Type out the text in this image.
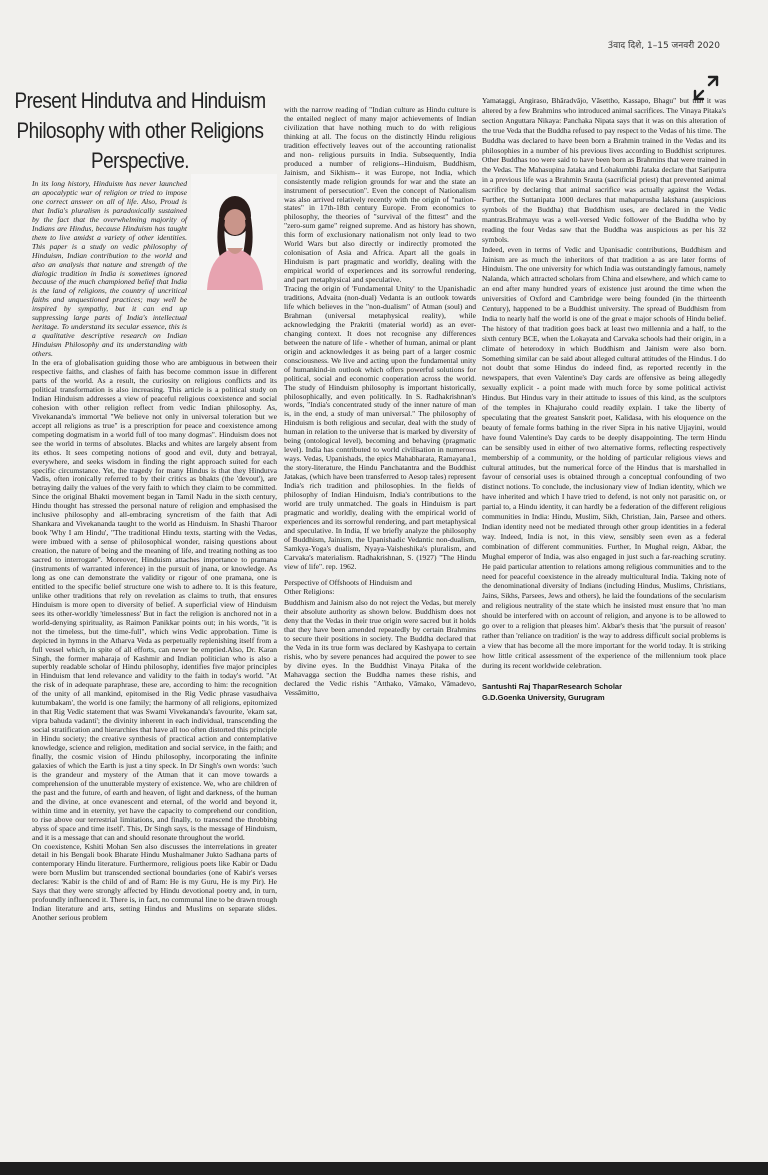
3ंवाद दिशे, 1–15 जनवरी 2020
Present Hindutva and Hinduism
Philosophy with other Religions Perspective.

In its long history, Hinduism has never launched an apocalyptic war of religion or tried to impose one correct answer on all of life. Also, Proud is that India's pluralism is paradoxically sustained by the fact that the overwhelming majority of Indians are Hindus, because Hinduism has taught them to live amidst a variety of other identities. This paper is a study on vedic philosophy of Hinduism, Indian contribution to the world and also an analysis that nature and strength of the dialogic tradition in India is sometimes ignored because of the much championed belief that India is the land of religions, the country of uncritical faiths and unquestioned practices; may well be inspired by sympathy, but it can end up suppressing large parts of India's intellectual heritage. To understand its secular essence, this is a qualitative descriptive research on Indian Hinduism Philosophy and its understanding with others.

In the era of globalisation guiding those who are ambiguous in between their respective faiths, and clashes of faith has become common issue in different parts of the world. As a result, the curiosity on religious conflicts and its political transformation is also increasing. This article is a political study on Indian Hinduism addresses a view of peaceful religious coexistence and social cohesion with other religion reflect from vedic Indian philosophy. As, Vivekananda's immortal "We believe not only in universal toleration but we accept all religions as true" is a prescription for peace and coexistence among competing dogmatism in a world full of too many dogmas". Hinduism does not see the world in terms of absolutes. Blacks and whites are largely absent from its ethos. It sees competing notions of good and evil, duty and betrayal, everywhere, and seeks wisdom in finding the right approach suited for each specific circumstance. Yet, the tragedy for many Hindus is that they Hindutva Vadis, often ironically referred to by their critics as bhakts (the 'devout'), are betraying daily the values of the very faith to which they claim to be committed. Since the original Bhakti movement began in Tamil Nadu in the sixth century, Hindu thought has stressed the personal nature of religion and emphasised the inclusive philosophy and all-embracing syncretism of the faith that Adi Shankara and Vivekananda taught to the world as Hinduism. In Shashi Tharoor book 'Why I am Hindu', "The traditional Hindu texts, starting with the Vedas, were imbued with a sense of philosophical wonder, raising questions about creation, the nature of being and the meaning of life, and treating nothing as too sacred to interrogate". Moreover, Hinduism attaches importance to pramana (instruments of warranted inference) in the pursuit of jnana, or knowledge. As long as one can demonstrate the validity or rigour of one pramana, one is entitled to the specific belief structure one wish to adhere to. It is this feature, unlike other traditions that rely on revelation as claims to truth, that ensures Hinduism is more open to diversity of belief. A superficial view of Hinduism sees its other-worldly 'timelessness' But in fact the religion is anchored not in a world-denying spirituality, as Raimon Panikkar points out; in his words, "it is not the timeless, but the time-full", which wins Vedic approbation. Time is depicted in hymns in the Atharva Veda as perpetually replenishing itself from a full vessel which, in spite of all efforts, can never be emptied.Also, Dr. Karan Singh, the former maharaja of Kashmir and Indian politician who is also a superbly readable scholar of Hindu philosophy, identifies five major principles in Hinduism that lend relevance and validity to the faith in today's world. "At the risk of in adequate paraphrase, these are, according to him: the recognition of the unity of all mankind, epitomised in the Rig Vedic phrase vasudhaiva kutumbakam', the world is one family; the harmony of all religions, epitomized in that Rig Vedic statement that was Swami Vivekananda's favourite, 'ekam sat, vipra bahuda vadanti'; the divinity inherent in each individual, transcending the social stratification and hierarchies that have all too often distorted this principle in Hindu society; the creative synthesis of practical action and contemplative knowledge, science and religion, meditation and social service, in the faith; and finally, the cosmic vision of Hindu philosophy, incorporating the infinite galaxies of which the Earth is just a tiny speck. In Dr Singh's own words: 'such is the grandeur and mystery of the Atman that it can move towards a comprehension of the unutterable mystery of existence. We, who are children of the past and the future, of earth and heaven, of light and darkness, of the human and the divine, at once evanescent and eternal, of the world and beyond it, within time and in eternity, yet have the capacity to comprehend our condition, to rise above our terrestrial limitations, and finally, to transcend the throbbing abyss of space and time itself'. This, Dr Singh says, is the message of Hinduism, and it is a message that can and should resonate throughout the world.

On coexistence, Kshiti Mohan Sen also discusses the interrelations in greater detail in his Bengali book Bharate Hindu Mushalmaner Jukto Sadhana parts of contemporary Hindu literature. Furthermore, religious poets like Kabir or Dadu were born Muslim but transcended sectional boundaries (one of Kabir's verses declares: 'Kabir is the child of and of Ram: He is my Guru, He is my Pir). He Says that they were strongly affected by Hindu devotional poetry and, in turn, profoundly influenced it. There is, in fact, no communal line to be drawn trough Indian literature and arts, setting Hindus and Muslims on separate slides. Another serious problem

with the narrow reading of "Indian culture as Hindu culture is the entailed neglect of many major achievements of Indian civilization that have nothing much to do with religious thinking at all. The focus on the distinctly Hindu religious tradition effectively leaves out of the accounting rationalist and non- religious pursuits in India. Subsequently, India produced a number of religions--Hinduism, Buddhism, Jainism, and Sikhism-- it was Europe, not India, which consistently made religion grounds for war and the state an instrument of persecution". Even the concept of Nationalism was also arrived relatively recently with the origin of "nation-states" in 17th-18th century Europe. From economics to philosophy, the theories of "survival of the fittest" and the "zero-sum game" reigned supreme. And as history has shown, this form of exclusionary nationalism not only lead to two World Wars but also directly or indirectly promoted the colonisation of Asia and Africa. Apart all the goals in Hinduism is part pragmatic and worldly, dealing with the empirical world of experiences and its sorrowful rendering, and part metaphysical and speculative.

Tracing the origin of 'Fundamental Unity' to the Upanishadic traditions, Advaita (non-dual) Vedanta is an outlook towards life which believes in the "non-dualism" of Atman (soul) and Brahman (universal metaphysical reality), while acknowledging the Prakriti (material world) as an ever-changing context. It does not recognise any differences between the nature of life - whether of human, animal or plant origin and acknowledges it as being part of a larger cosmic consciousness. We live and acting upon the fundamental unity of humankind-in outlook which offers powerful solutions for political, social and economic cooperation across the world. The study of Hinduism philosophy is important historically, philosophically, and even politically. In S. Radhakrishnan's words, "India's concentrated study of the inner nature of man is, in the end, a study of man universal." The philosophy of Hinduism is both religious and secular, deal with the study of human in relation to the universe that is marked by diversity of being (ontological level), becoming and behaving (pragmatic level). India has contributed to world civilisation in numerous ways. Vedas, Upanishads, the epics Mahabharata, Ramayana1, the story-literature, the Hindu Panchatantra and the Buddhist Jatakas, (which have been transferred to Aesop tales) represent India's rich tradition and philosophies. In the fields of philosophy of Indian Hinduism, India's contributions to the world are truly unmatched. The goals in Hinduism is part pragmatic and worldly, dealing with the empirical world of experiences and its sorrowful rendering, and part metaphysical and speculative. In India, If we briefly analyze the philosophy of Buddhism, Jainism, the Upanishadic Vedantic non-dualism, Samkya-Yoga's dualism, Nyaya-Vaisheshika's pluralism, and Carvaka's materialism. Radhakrishnan, S. (1927) "The Hindu view of life". rep. 1962.

Perspective of Offshoots of Hinduism and
Other Religions:

Buddhism and Jainism also do not reject the Vedas, but merely their absolute authority as shown below. Buddhism does not deny that the Vedas in their true origin were sacred but it holds that they have been amended repeatedly by certain Brahmins to secure their positions in society. The Buddha declared that the Veda in its true form was declared by Kashyapa to certain rishis, who by severe penances had acquired the power to see by divine eyes. In the Buddhist Vinaya Pitaka of the Mahavagga section the Buddha names these rishis, and declared the Vedic rishis "Atthako, Vāmako, Vāmadevo, Vessāmitto,

Yamataggi, Angiraso, Bhāradvājo, Vāsettho, Kassapo, Bhagu" but that it was altered by a few Brahmins who introduced animal sacrifices. The Vinaya Pitaka's section Anguttara Nikaya: Panchaka Nipata says that it was on this alteration of the true Veda that the Buddha refused to pay respect to the Vedas of his time. The Buddha was declared to have been born a Brahmin trained in the Vedas and its philosophies in a number of his previous lives according to Buddhist scriptures. Other Buddhas too were said to have been born as Brahmins that were trained in the Vedas. The Mahasupina Jataka and Lohakumbhi Jataka declare that Sariputra in a previous life was a Brahmin Srauta (sacrificial priest) that prevented animal sacrifice by declaring that animal sacrifice was actually against the Vedas. Further, the Suttanipata 1000 declares that mahapurusha lakshana (auspicious symbols of the Buddha) that Buddhism uses, are declared in the Vedic mantras.Brahmayu was a well-versed Vedic follower of the Buddha who by reading the four Vedas saw that the Buddha was auspicious as per his 32 symbols.

Indeed, even in terms of Vedic and Upanisadic contributions, Buddhism and Jainism are as much the inheritors of that tradition a as are later forms of Hinduism. The one university for which India was outstandingly famous, namely Nalanda, which attracted scholars from China and elsewhere, and which came to an end after many hundred years of existence just around the time when the universities of Oxford and Cambridge were being founded (in the thirteenth Century), happened to be a Buddhist university. The spread of Buddhism from India to nearly half the world is one of the great e major schools of Hindu belief. The history of that tradition goes back at least two millennia and a half, to the sixth century BCE, when the Lokayata and Carvaka schools had their origin, in a climate of heterodoxy in which Buddhism and Jainism were also born. Something similar can be said about alleged cultural attitudes of the Hindus. I do not doubt that some Hindus do indeed find, as reported recently in the newspapers, that even Valentine's Day cards are offensive as being allegedly sexually explicit - a point made with much force by some political activist Hindus. But Hindus vary in their attitude to issues of this kind, as the sculptors of the temples in Khajuraho could readily explain. I take the liberty of speculating that the greatest Sanskrit poet, Kalidasa, with his eloquence on the beauty of female forms bathing in the river Sipra in his native Ujjayini, would have found Valentine's Day cards to be deeply disappointing. The term Hindu can be sensibly used in either of two alternative forms, reflecting respectively membership of a community, or the holding of particular religious views and cultural attitudes, but the numerical force of the Hindus that is marshalled in favour of censorial uses is obtained through a conceptual confounding of two distinct notions. To conclude, the inclusionary view of Indian identity, which we have inherited and which I have tried to defend, is not only not parasitic on, or partial to, a Hindu identity, it can hardly be a federation of the different religious communities in India: Hindu, Muslim, Sikh, Christian, Jain, Parsee and others. Indian identity need not be mediated through other group identities in a federal way. Indeed, India is not, in this view, sensibly seen even as a federal combination of different communities. Further, In Mughal reign, Akbar, the Mughal emperor of India, was also engaged in just such a far-reaching scrutiny. He paid particular attention to relations among religious communities and to the need for peaceful coexistence in the already multicultural India. Taking note of the denominational diversity of Indians (including Hindus, Muslims, Christians, Jains, Sikhs, Parsees, Jews and others), he laid the foundations of the secularism and religious neutrality of the state which he insisted must ensure that 'no man should be interfered with on account of religion, and anyone is to be allowed to go over to a religion that pleases him'. Akbar's thesis that 'the pursuit of reason' rather than 'reliance on tradition' is the way to address difficult social problems is a view that has become all the more important for the world today. It is striking how little critical assessment of the experience of the millennium took place during its recent worldwide celebration.

Santushti Raj ThaparResearch Scholar
G.D.Goenka University, Gurugram
